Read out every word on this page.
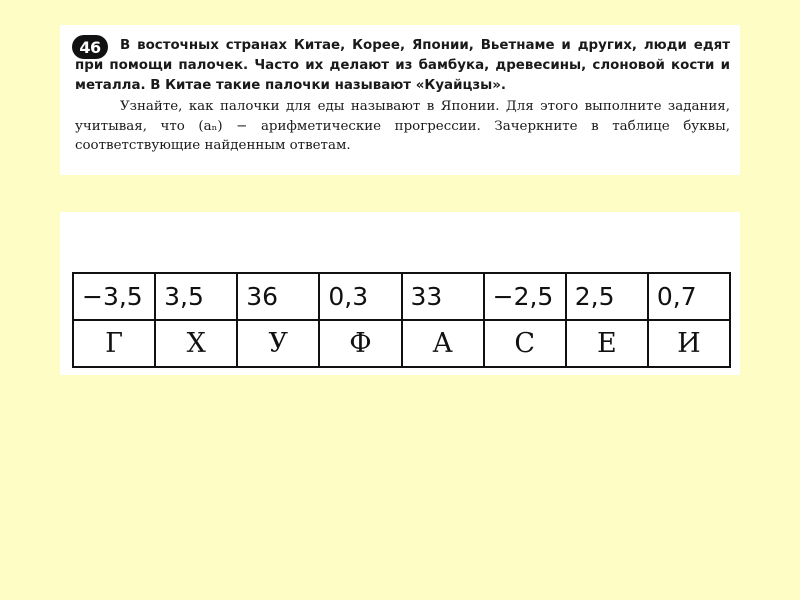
46	В восточных странах Китае, Корее, Японии, Вьетнаме и других, люди едят при помощи палочек. Часто их делают из бамбука, древесины, слоновой кости и металла. В Китае такие палочки называют «Куайцзы».

Узнайте, как палочки для еды называют в Японии. Для этого выполните задания, учитывая, что (aₙ) − арифметические прогрессии. Зачеркните в таблице буквы, соответствующие найденным ответам.

−3,5	3,5	36	0,3	33	−2,5	2,5	0,7
Г	Х	У	Ф	А	С	Е	И
